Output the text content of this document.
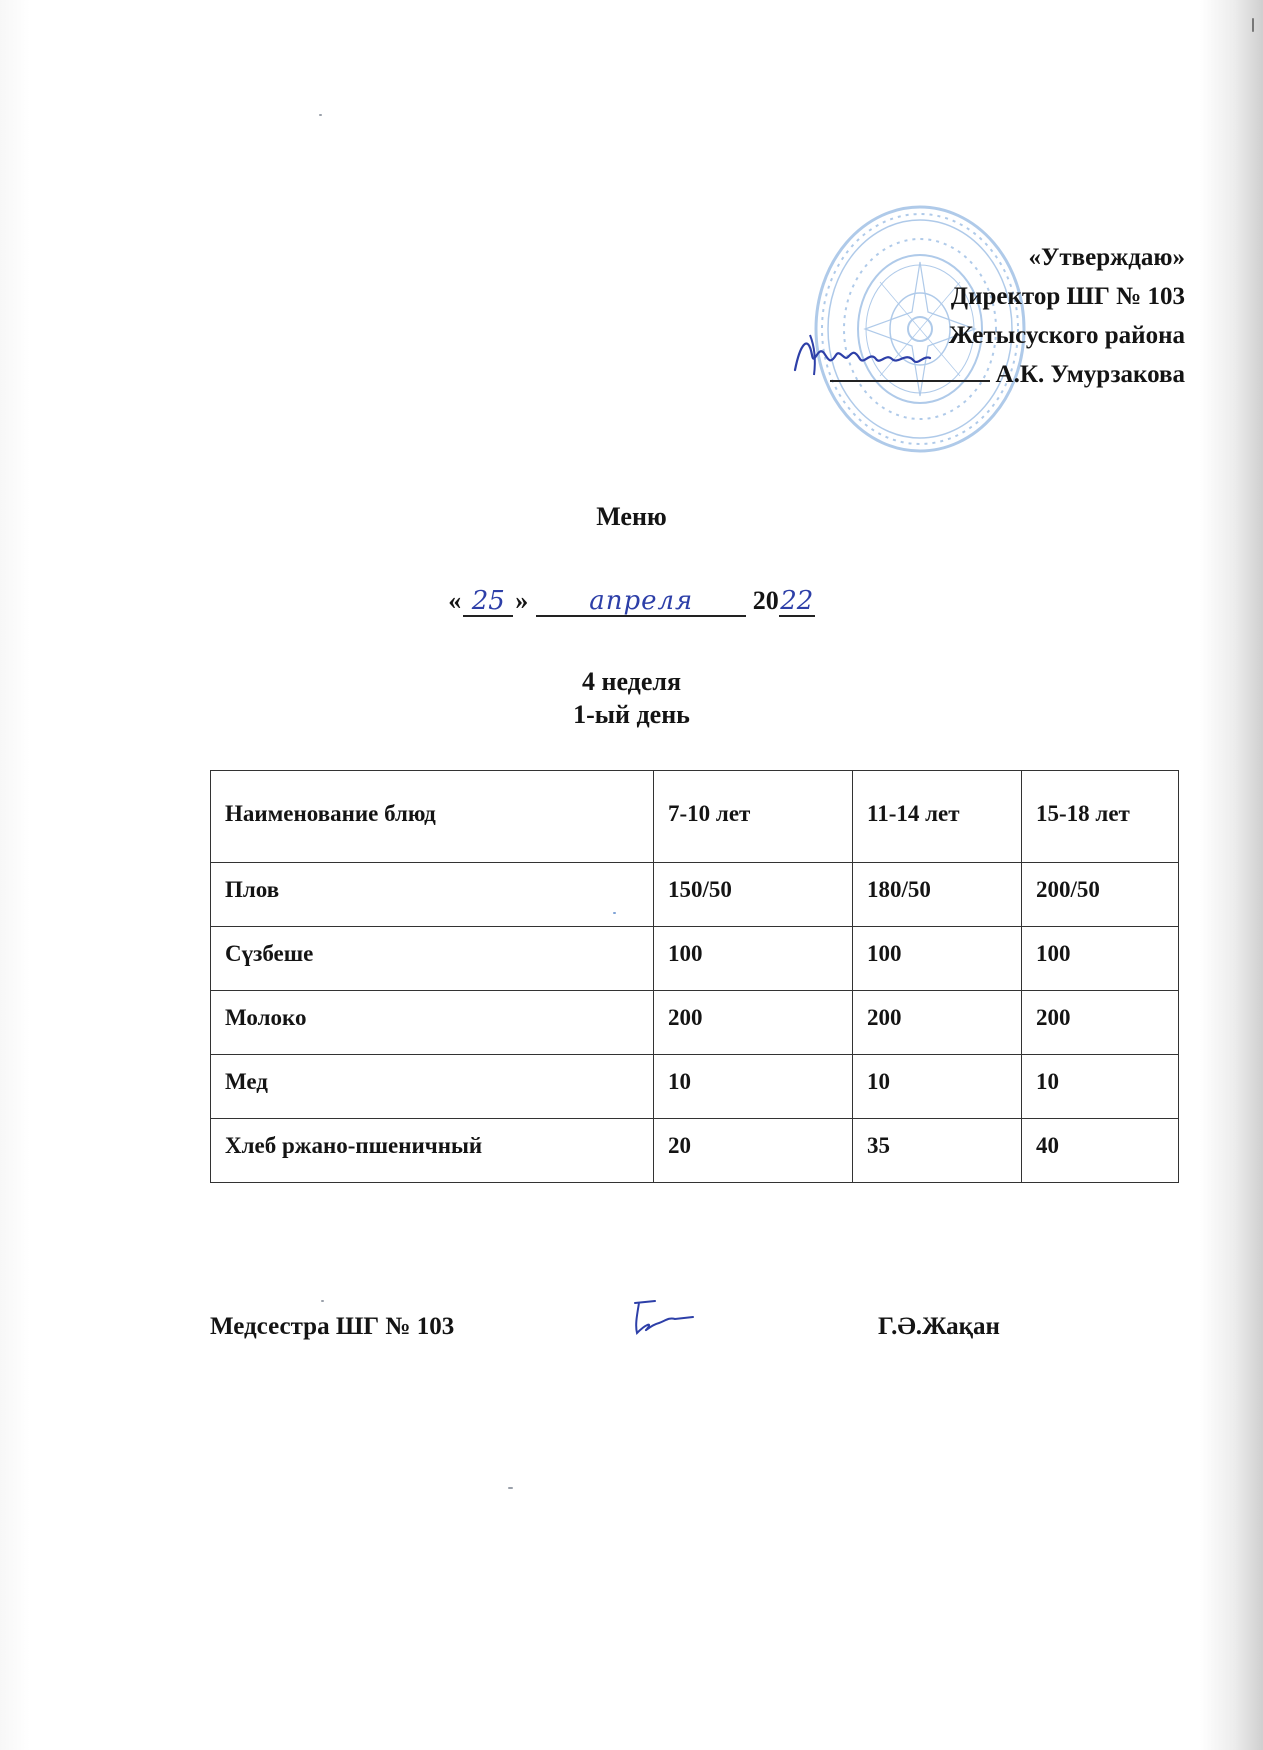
«Утверждаю»
Директор ШГ № 103
Жетысуского района
А.К. Умурзакова
Меню
« 25 » апреля 2022
4 неделя
1-ый день
Наименование блюд	7-10 лет	11-14 лет	15-18 лет
Плов	150/50	180/50	200/50
Сүзбеше	100	100	100
Молоко	200	200	200
Мед	10	10	10
Хлеб ржано-пшеничный	20	35	40
Медсестра ШГ № 103	Г.Ә.Жақан
